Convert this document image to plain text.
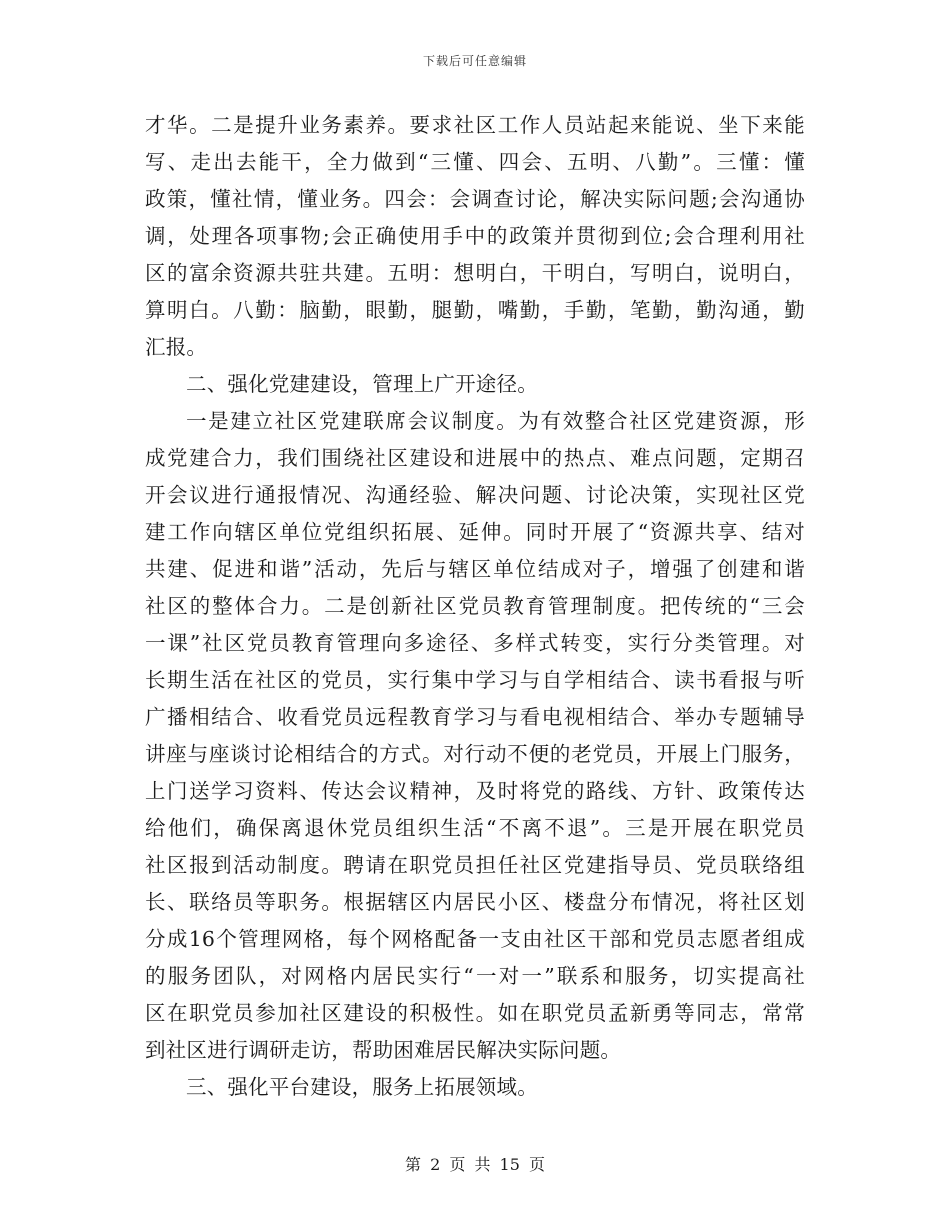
下载后可任意编辑
才华。二是提升业务素养。要求社区工作人员站起来能说、坐下来能
写、走出去能干，全力做到“三懂、四会、五明、八勤”。三懂：懂
政策，懂社情，懂业务。四会：会调查讨论，解决实际问题;会沟通协
调，处理各项事物;会正确使用手中的政策并贯彻到位;会合理利用社
区的富余资源共驻共建。五明：想明白，干明白，写明白，说明白，
算明白。八勤：脑勤，眼勤，腿勤，嘴勤，手勤，笔勤，勤沟通，勤
汇报。
二、强化党建建设，管理上广开途径。
一是建立社区党建联席会议制度。为有效整合社区党建资源，形
成党建合力，我们围绕社区建设和进展中的热点、难点问题，定期召
开会议进行通报情况、沟通经验、解决问题、讨论决策，实现社区党
建工作向辖区单位党组织拓展、延伸。同时开展了“资源共享、结对
共建、促进和谐”活动，先后与辖区单位结成对子，增强了创建和谐
社区的整体合力。二是创新社区党员教育管理制度。把传统的“三会
一课”社区党员教育管理向多途径、多样式转变，实行分类管理。对
长期生活在社区的党员，实行集中学习与自学相结合、读书看报与听
广播相结合、收看党员远程教育学习与看电视相结合、举办专题辅导
讲座与座谈讨论相结合的方式。对行动不便的老党员，开展上门服务，
上门送学习资料、传达会议精神，及时将党的路线、方针、政策传达
给他们，确保离退休党员组织生活“不离不退”。三是开展在职党员
社区报到活动制度。聘请在职党员担任社区党建指导员、党员联络组
长、联络员等职务。根据辖区内居民小区、楼盘分布情况，将社区划
分成16个管理网格，每个网格配备一支由社区干部和党员志愿者组成
的服务团队，对网格内居民实行“一对一”联系和服务，切实提高社
区在职党员参加社区建设的积极性。如在职党员孟新勇等同志，常常
到社区进行调研走访，帮助困难居民解决实际问题。
三、强化平台建设，服务上拓展领域。
第 2 页 共 15 页
